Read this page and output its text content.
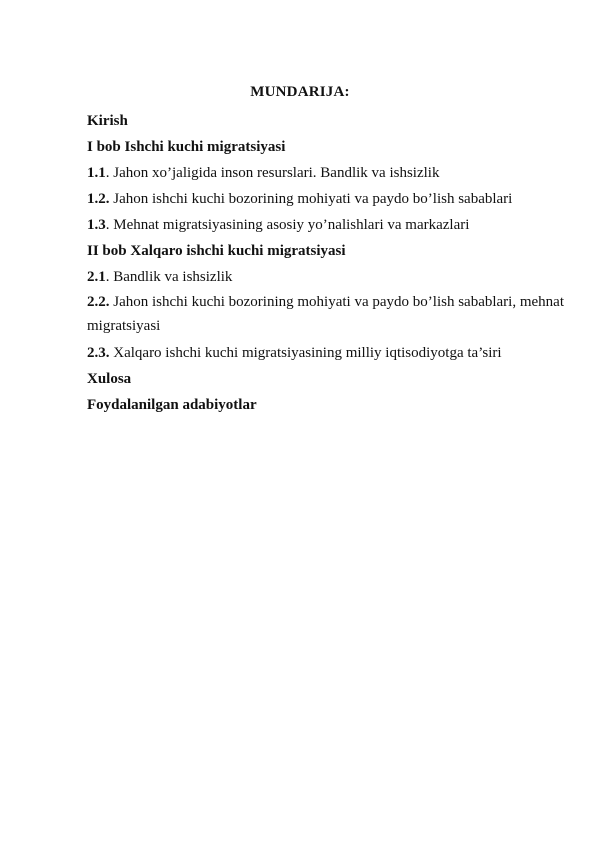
MUNDARIJA:
Kirish
I bob Ishchi kuchi migratsiyasi
1.1. Jahon xo’jaligida inson resurslari. Bandlik va ishsizlik
1.2. Jahon ishchi kuchi bozorining mohiyati va paydo bo’lish sabablari
1.3. Mehnat migratsiyasining asosiy yo’nalishlari va markazlari
II bob Xalqaro ishchi kuchi migratsiyasi
2.1. Bandlik va ishsizlik
2.2. Jahon ishchi kuchi bozorining mohiyati va paydo bo’lish sabablari, mehnat migratsiyasi
2.3. Xalqaro ishchi kuchi migratsiyasining milliy iqtisodiyotga ta’siri
Xulosa
Foydalanilgan adabiyotlar
